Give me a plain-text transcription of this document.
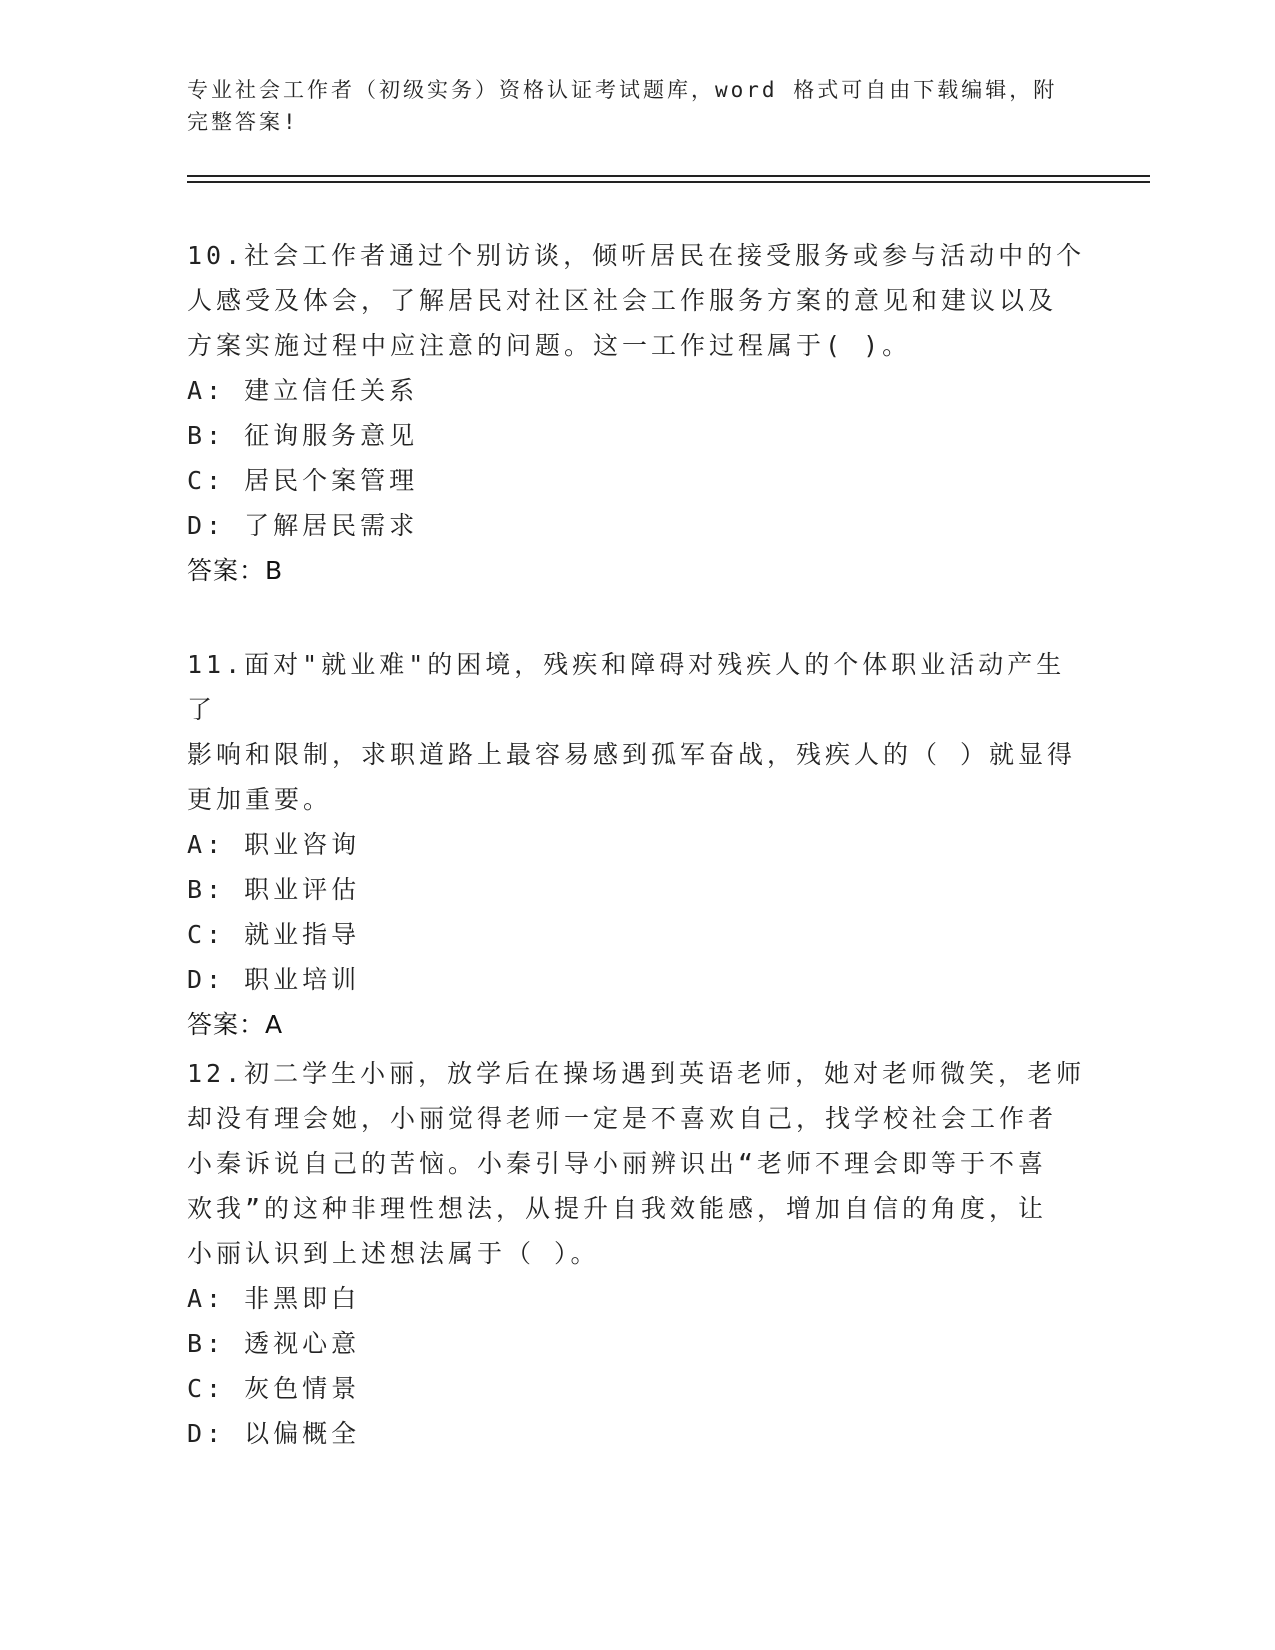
专业社会工作者（初级实务）资格认证考试题库，word 格式可自由下载编辑，附
完整答案!

10.社会工作者通过个别访谈，倾听居民在接受服务或参与活动中的个

人感受及体会，了解居民对社区社会工作服务方案的意见和建议以及

方案实施过程中应注意的问题。这一工作过程属于( )。

A: 建立信任关系

B: 征询服务意见

C: 居民个案管理

D: 了解居民需求

答案：B

11.面对"就业难"的困境，残疾和障碍对残疾人的个体职业活动产生了

影响和限制，求职道路上最容易感到孤军奋战，残疾人的（ ）就显得

更加重要。

A: 职业咨询

B: 职业评估

C: 就业指导

D: 职业培训

答案：A

12.初二学生小丽，放学后在操场遇到英语老师，她对老师微笑，老师

却没有理会她，小丽觉得老师一定是不喜欢自己，找学校社会工作者

小秦诉说自己的苦恼。小秦引导小丽辨识出“老师不理会即等于不喜

欢我”的这种非理性想法，从提升自我效能感，增加自信的角度，让

小丽认识到上述想法属于（ ）。

A: 非黑即白

B: 透视心意

C: 灰色情景

D: 以偏概全
